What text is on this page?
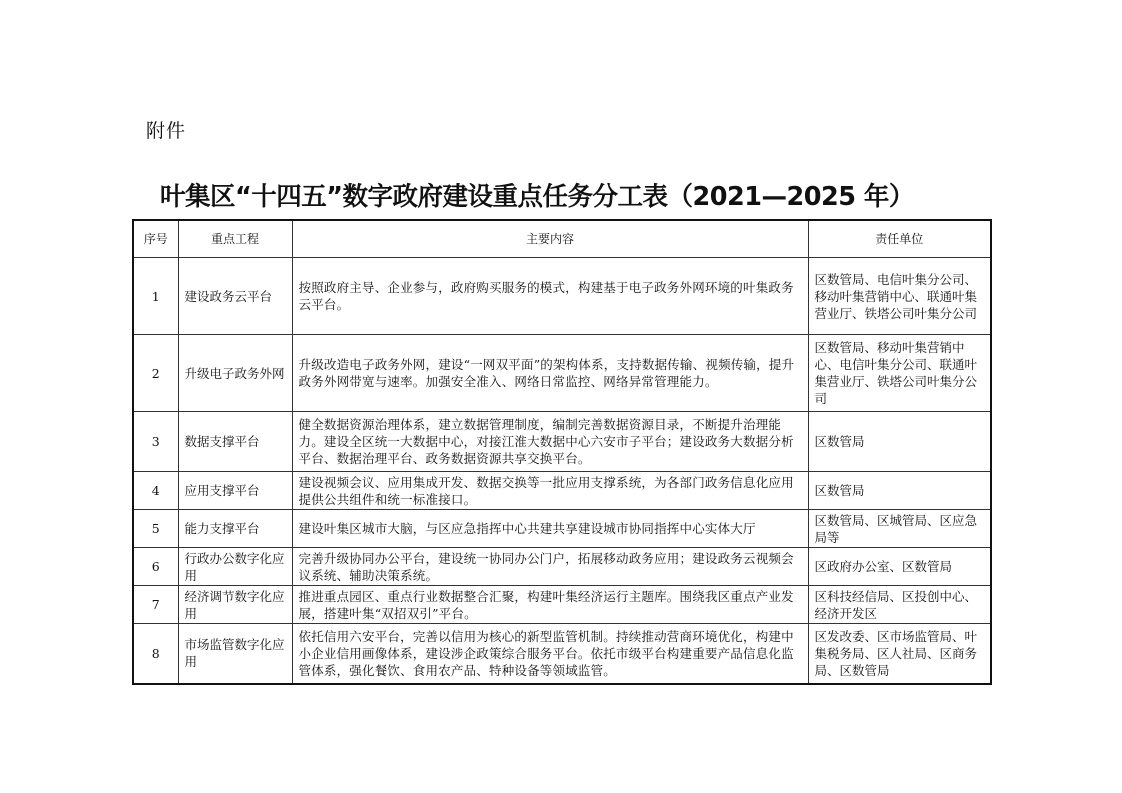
附件
叶集区“十四五”数字政府建设重点任务分工表（2021—2025 年）
序号	重点工程	主要内容	责任单位
1	建设政务云平台	按照政府主导、企业参与，政府购买服务的模式，构建基于电子政务外网环境的叶集政务云平台。	区数管局、电信叶集分公司、移动叶集营销中心、联通叶集营业厅、铁塔公司叶集分公司
2	升级电子政务外网	升级改造电子政务外网，建设“一网双平面”的架构体系，支持数据传输、视频传输，提升政务外网带宽与速率。加强安全准入、网络日常监控、网络异常管理能力。	区数管局、移动叶集营销中心、电信叶集分公司、联通叶集营业厅、铁塔公司叶集分公司
3	数据支撑平台	健全数据资源治理体系，建立数据管理制度，编制完善数据资源目录，不断提升治理能力。建设全区统一大数据中心，对接江淮大数据中心六安市子平台；建设政务大数据分析平台、数据治理平台、政务数据资源共享交换平台。	区数管局
4	应用支撑平台	建设视频会议、应用集成开发、数据交换等一批应用支撑系统，为各部门政务信息化应用提供公共组件和统一标准接口。	区数管局
5	能力支撑平台	建设叶集区城市大脑，与区应急指挥中心共建共享建设城市协同指挥中心实体大厅	区数管局、区城管局、区应急局等
6	行政办公数字化应用	完善升级协同办公平台，建设统一协同办公门户，拓展移动政务应用；建设政务云视频会议系统、辅助决策系统。	区政府办公室、区数管局
7	经济调节数字化应用	推进重点园区、重点行业数据整合汇聚，构建叶集经济运行主题库。围绕我区重点产业发展，搭建叶集“双招双引”平台。	区科技经信局、区投创中心、经济开发区
8	市场监管数字化应用	依托信用六安平台，完善以信用为核心的新型监管机制。持续推动营商环境优化，构建中小企业信用画像体系，建设涉企政策综合服务平台。依托市级平台构建重要产品信息化监管体系，强化餐饮、食用农产品、特种设备等领域监管。	区发改委、区市场监管局、叶集税务局、区人社局、区商务局、区数管局
